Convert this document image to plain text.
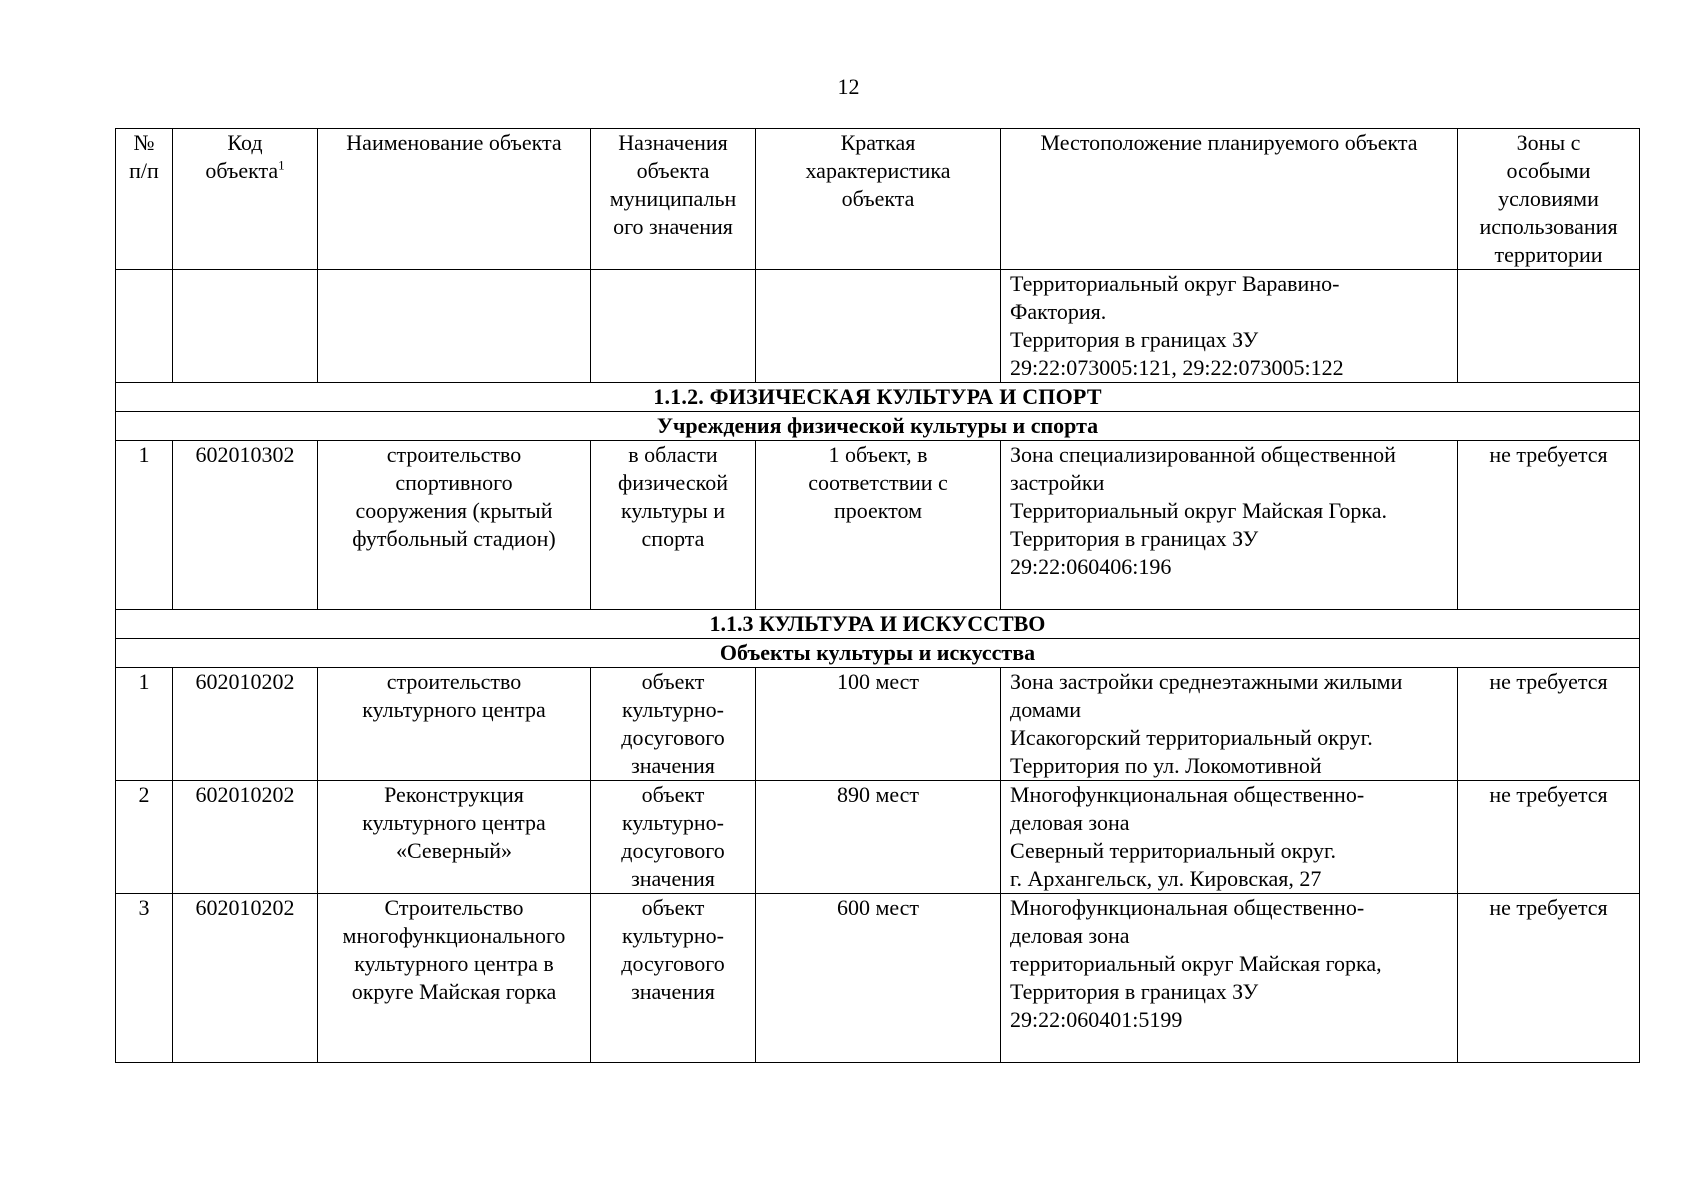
12
№
п/п	Код
объекта$^1$	Наименование объекта	Назначения
объекта
муниципальн
ого значения	Краткая
характеристика
объекта	Местоположение планируемого объекта	Зоны с
особыми
условиями
использования
территории
					Территориальный округ Варавино-
Фактория.
Территория в границах ЗУ
29:22:073005:121, 29:22:073005:122	
1.1.2. ФИЗИЧЕСКАЯ КУЛЬТУРА И СПОРТ						
Учреждения физической культуры и спорта						
1	602010302	строительство
спортивного
сооружения (крытый
футбольный стадион)	в области
физической
культуры и
спорта	1 объект, в
соответствии с
проектом	Зона специализированной общественной
застройки
Территориальный округ Майская Горка.
Территория в границах ЗУ
29:22:060406:196	не требуется
1.1.3 КУЛЬТУРА И ИСКУССТВО						
Объекты культуры и искусства						
1	602010202	строительство
культурного центра	объект
культурно-
досугового
значения	100 мест	Зона застройки среднеэтажными жилыми
домами
Исакогорский территориальный округ.
Территория по ул. Локомотивной	не требуется
2	602010202	Реконструкция
культурного центра
«Северный»	объект
культурно-
досугового
значения	890 мест	Многофункциональная общественно-
деловая зона
Северный территориальный округ.
г. Архангельск, ул. Кировская, 27	не требуется
3	602010202	Строительство
многофункционального
культурного центра в
округе Майская горка	объект
культурно-
досугового
значения	600 мест	Многофункциональная общественно-
деловая зона
территориальный округ Майская горка,
Территория в границах ЗУ
29:22:060401:5199	не требуется
